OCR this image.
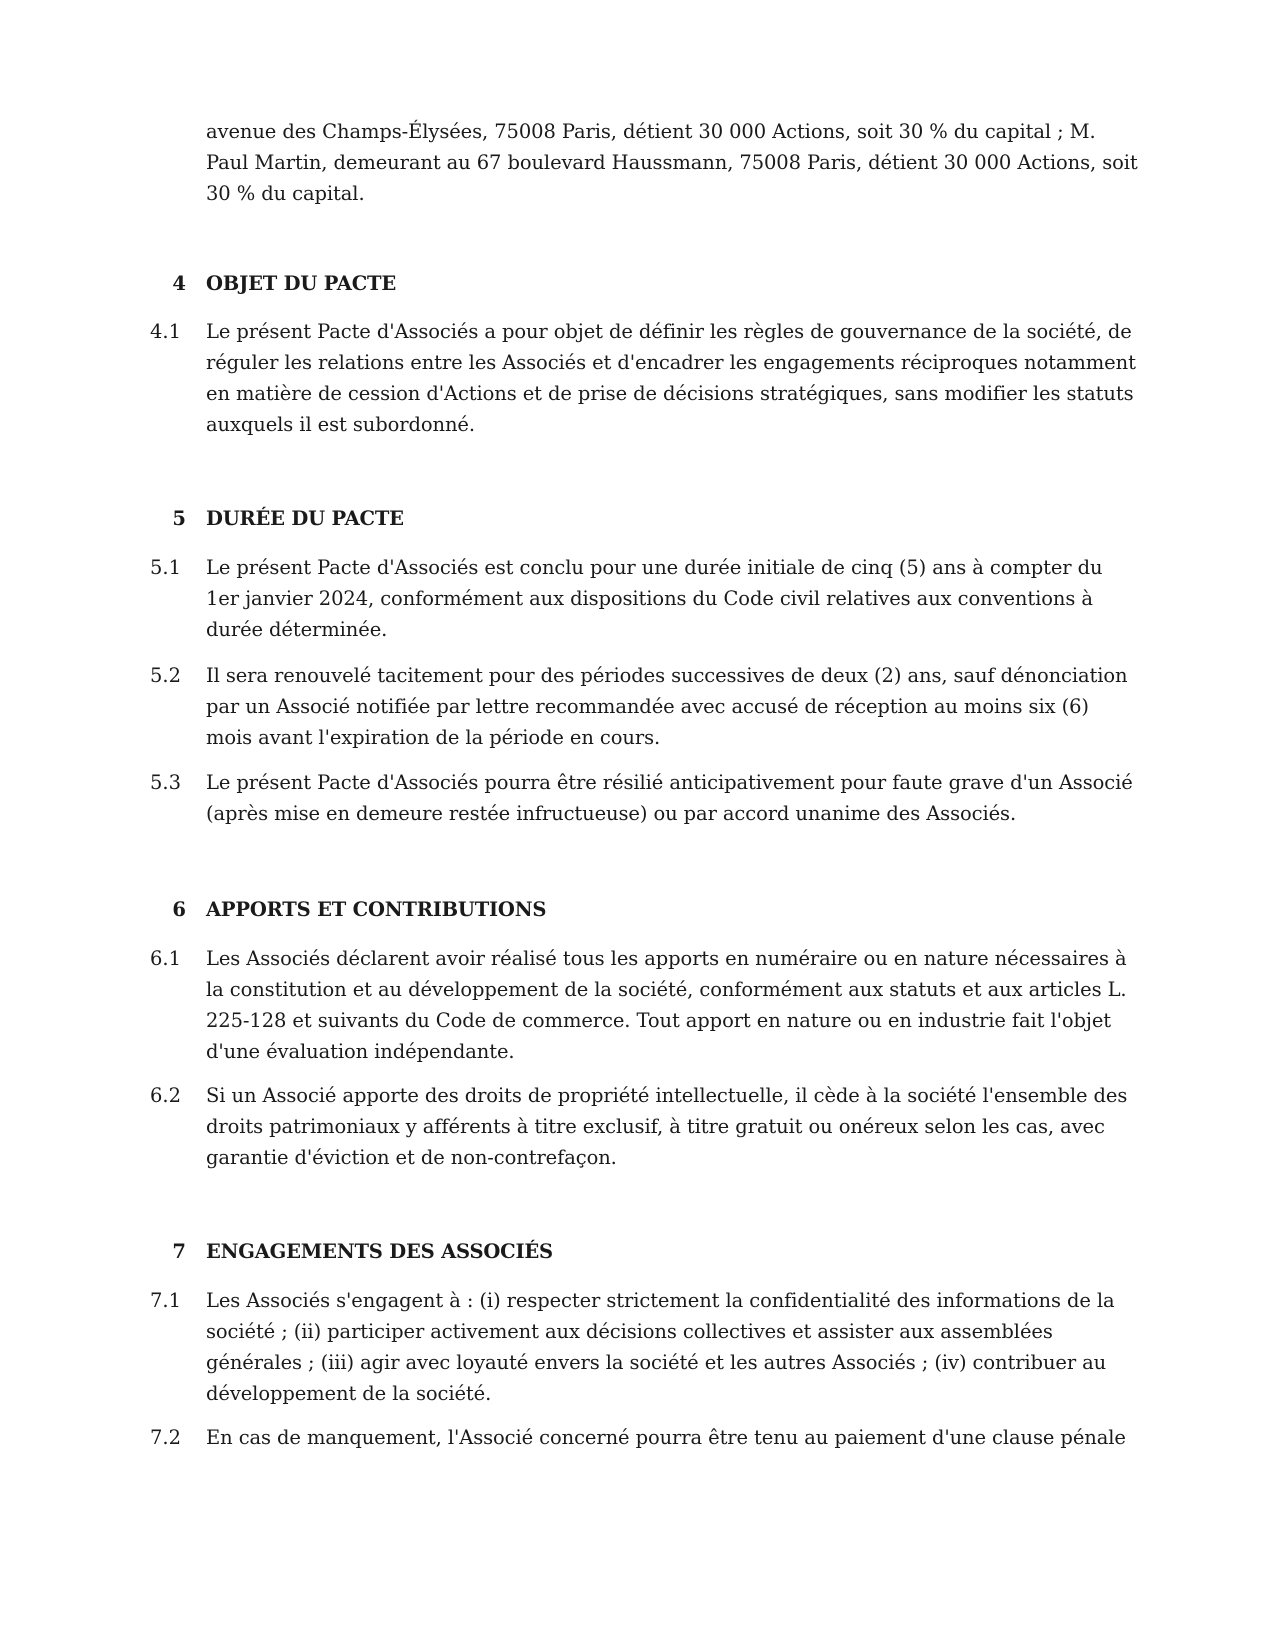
avenue des Champs-Élysées, 75008 Paris, détient 30 000 Actions, soit 30 % du capital ; M. Paul Martin, demeurant au 67 boulevard Haussmann, 75008 Paris, détient 30 000 Actions, soit 30 % du capital.

4 OBJET DU PACTE
4.1	Le présent Pacte d'Associés a pour objet de définir les règles de gouvernance de la société, de réguler les relations entre les Associés et d'encadrer les engagements réciproques notamment en matière de cession d'Actions et de prise de décisions stratégiques, sans modifier les statuts auxquels il est subordonné.

5 DURÉE DU PACTE
5.1	Le présent Pacte d'Associés est conclu pour une durée initiale de cinq (5) ans à compter du 1er janvier 2024, conformément aux dispositions du Code civil relatives aux conventions à durée déterminée.

5.2	Il sera renouvelé tacitement pour des périodes successives de deux (2) ans, sauf dénonciation par un Associé notifiée par lettre recommandée avec accusé de réception au moins six (6) mois avant l'expiration de la période en cours.

5.3	Le présent Pacte d'Associés pourra être résilié anticipativement pour faute grave d'un Associé (après mise en demeure restée infructueuse) ou par accord unanime des Associés.

6 APPORTS ET CONTRIBUTIONS
6.1	Les Associés déclarent avoir réalisé tous les apports en numéraire ou en nature nécessaires à la constitution et au développement de la société, conformément aux statuts et aux articles L. 225-128 et suivants du Code de commerce. Tout apport en nature ou en industrie fait l'objet d'une évaluation indépendante.

6.2	Si un Associé apporte des droits de propriété intellectuelle, il cède à la société l'ensemble des droits patrimoniaux y afférents à titre exclusif, à titre gratuit ou onéreux selon les cas, avec garantie d'éviction et de non-contrefaçon.

7 ENGAGEMENTS DES ASSOCIÉS
7.1	Les Associés s'engagent à : (i) respecter strictement la confidentialité des informations de la société ; (ii) participer activement aux décisions collectives et assister aux assemblées générales ; (iii) agir avec loyauté envers la société et les autres Associés ; (iv) contribuer au développement de la société.

7.2	En cas de manquement, l'Associé concerné pourra être tenu au paiement d'une clause pénale
